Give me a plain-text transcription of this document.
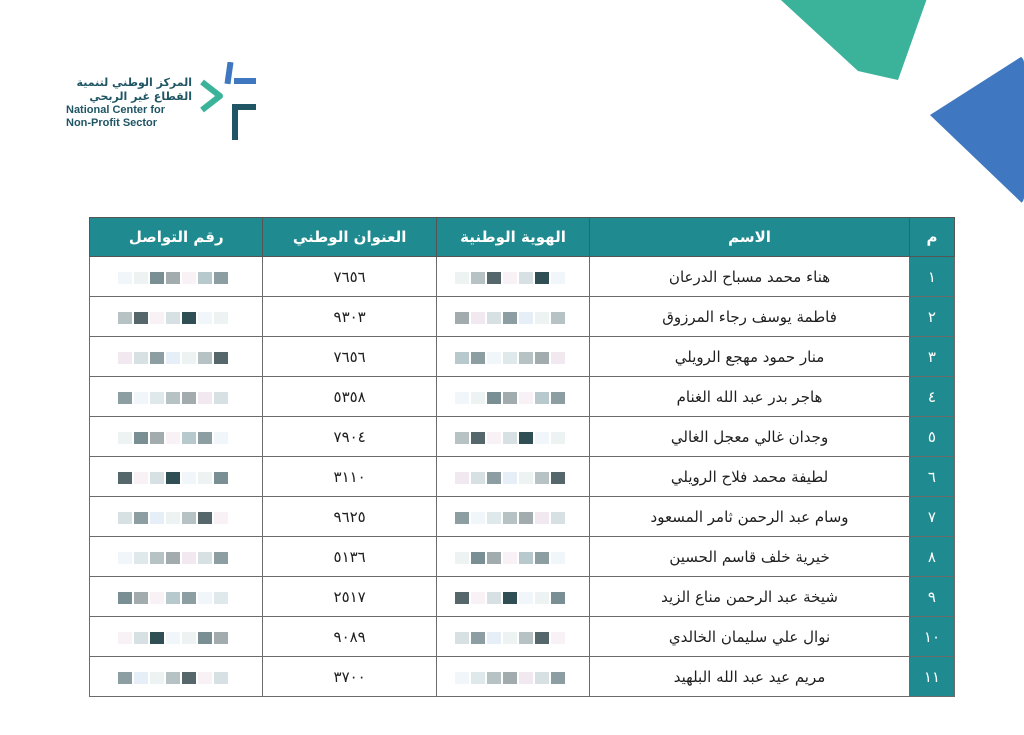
المركز الوطني لتنمية
القطاع غير الربحي
National Center for
Non-Profit Sector
م	الاسم	الهوية الوطنية	العنوان الوطني	رقم التواصل
١	هناء محمد مسباح الدرعان		٧٦٥٦	

٢	فاطمة يوسف رجاء المرزوق		٩٣٠٣	

٣	منار حمود مهجع الرويلي		٧٦٥٦	

٤	هاجر بدر عبد الله الغنام		٥٣٥٨	

٥	وجدان غالي معجل الغالي		٧٩٠٤	

٦	لطيفة محمد فلاح الرويلي		٣١١٠	

٧	وسام عبد الرحمن ثامر المسعود		٩٦٢٥	

٨	خيرية خلف قاسم الحسين		٥١٣٦	

٩	شيخة عبد الرحمن مناع الزيد		٢٥١٧	

١٠	نوال علي سليمان الخالدي		٩٠٨٩	

١١	مريم عيد عبد الله البلهيد		٣٧٠٠	
